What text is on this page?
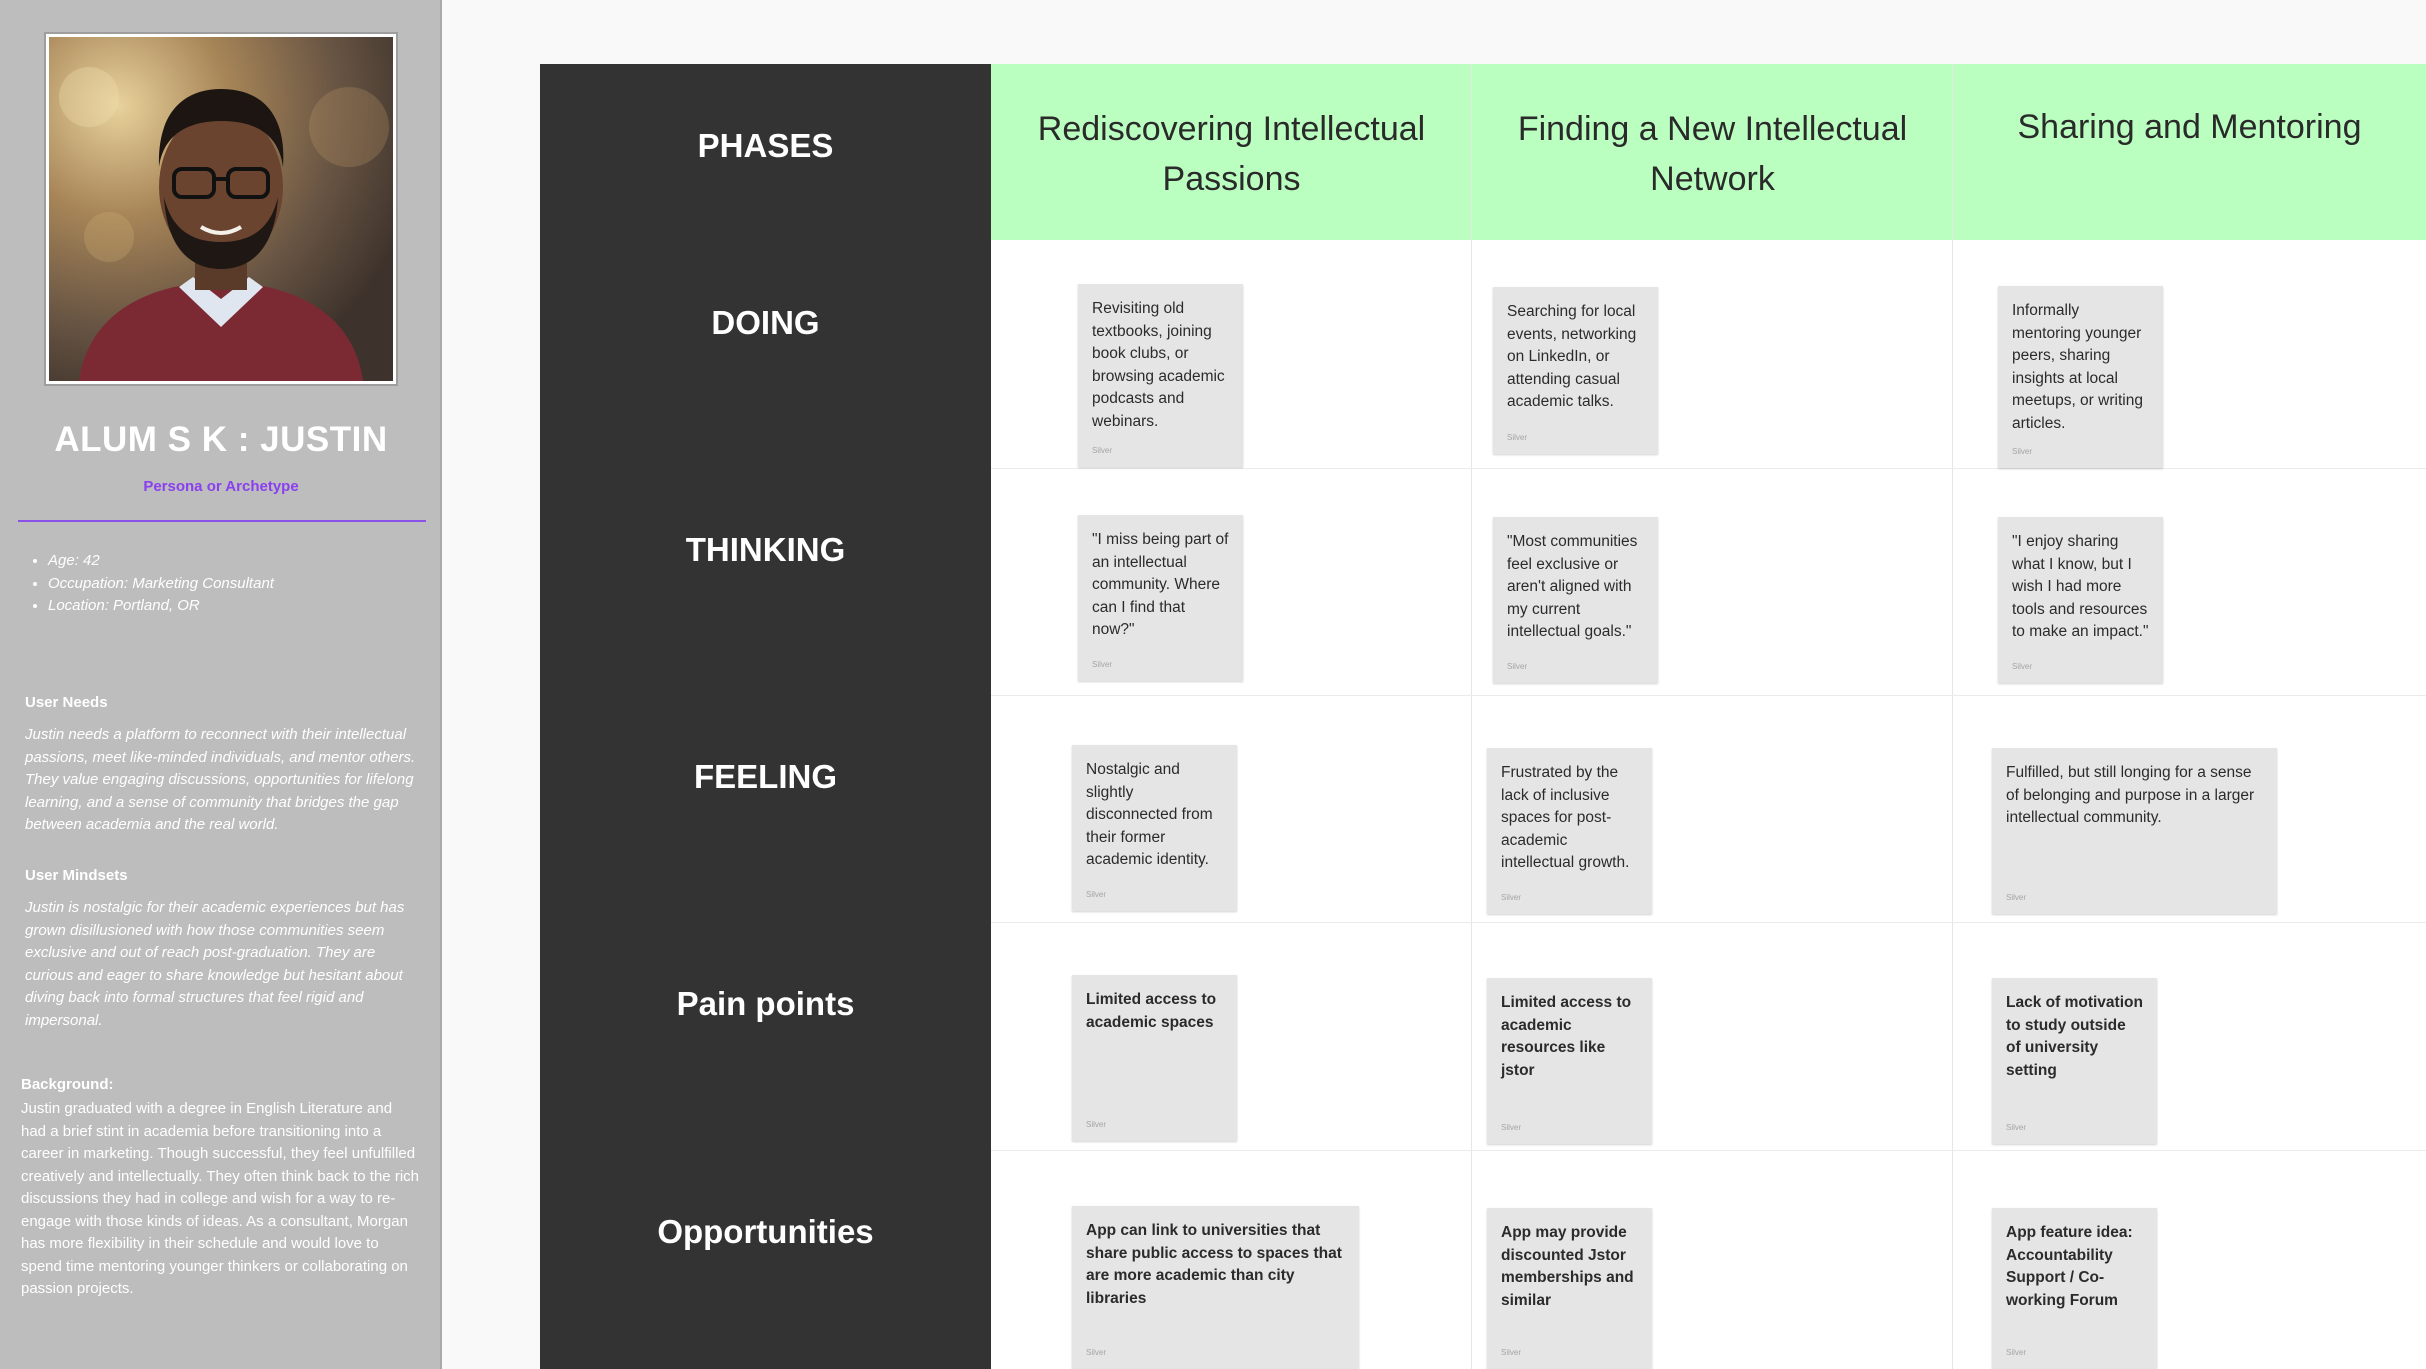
ALUM S K : JUSTIN
Persona or Archetype
• Age: 42
• Occupation: Marketing Consultant
• Location: Portland, OR
User Needs

Justin needs a platform to reconnect with their intellectual passions, meet like-minded individuals, and mentor others. They value engaging discussions, opportunities for lifelong learning, and a sense of community that bridges the gap between academia and the real world.

User Mindsets

Justin is nostalgic for their academic experiences but has grown disillusioned with how those communities seem exclusive and out of reach post-graduation. They are curious and eager to share knowledge but hesitant about diving back into formal structures that feel rigid and impersonal.

Background:

Justin graduated with a degree in English Literature and had a brief stint in academia before transitioning into a career in marketing. Though successful, they feel unfulfilled creatively and intellectually. They often think back to the rich discussions they had in college and wish for a way to re-engage with those kinds of ideas. As a consultant, Morgan has more flexibility in their schedule and would love to spend time mentoring younger thinkers or collaborating on passion projects.

PHASES
DOING
THINKING
FEELING
Pain points
Opportunities
Rediscovering Intellectual Passions
Finding a New Intellectual Network
Sharing and Mentoring
Revisiting old textbooks, joining book clubs, or browsing academic podcasts and webinars.
Silver
Searching for local events, networking on LinkedIn, or attending casual academic talks.
Silver
Informally mentoring younger peers, sharing insights at local meetups, or writing articles.
Silver
"I miss being part of an intellectual community. Where can I find that now?"
Silver
"Most communities feel exclusive or aren't aligned with my current intellectual goals."
Silver
"I enjoy sharing what I know, but I wish I had more tools and resources to make an impact."
Silver
Nostalgic and slightly disconnected from their former academic identity.
Silver
Frustrated by the lack of inclusive spaces for post-academic intellectual growth.
Silver
Fulfilled, but still longing for a sense of belonging and purpose in a larger intellectual community.
Silver
Limited access to academic spaces
Silver
Limited access to academic resources like jstor
Silver
Lack of motivation to study outside of university setting
Silver
App can link to universities that share public access to spaces that are more academic than city libraries
Silver
App may provide discounted Jstor memberships and similar
Silver
App feature idea: Accountability Support / Co-working Forum
Silver
